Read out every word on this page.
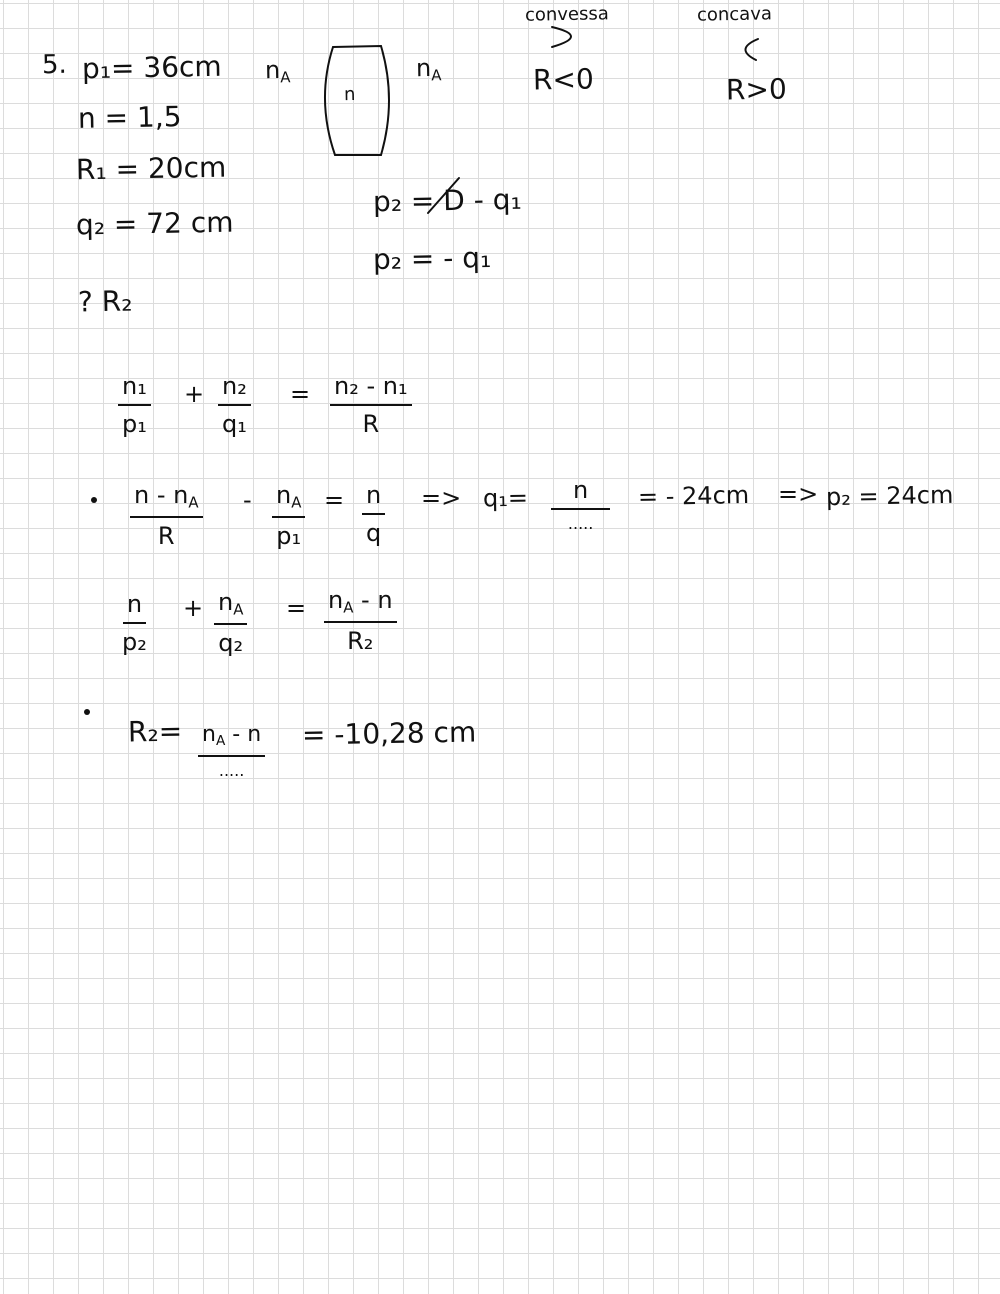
5. p₁= 36cm
n = 1,5
R₁ = 20cm
q₂ = 72 cm
? R₂
$n_A$	$n_A$
n
convessa
R<0
concava
R>0
p₂ = D - q₁
p₂ = - q₁
$\frac{\text{n₁}}{\text{p₁}} + \frac{\text{n₂}}{\text{q₁}} = \frac{\text{n₂ - n₁}}{R}$
$\frac{n - n_A}{R} - \frac{n_A}{\text{p₁}} = \frac{n}{q} => q_1=$	n
.....
= - 24cm => p₂ = 24cm
$\frac{n}{\text{p₂}} + \frac{n_A}{\text{q₂}} = \frac{n_A - n}{\text{R₂}}$
$R_2= n_A - n$
.....
= -10,28 cm
